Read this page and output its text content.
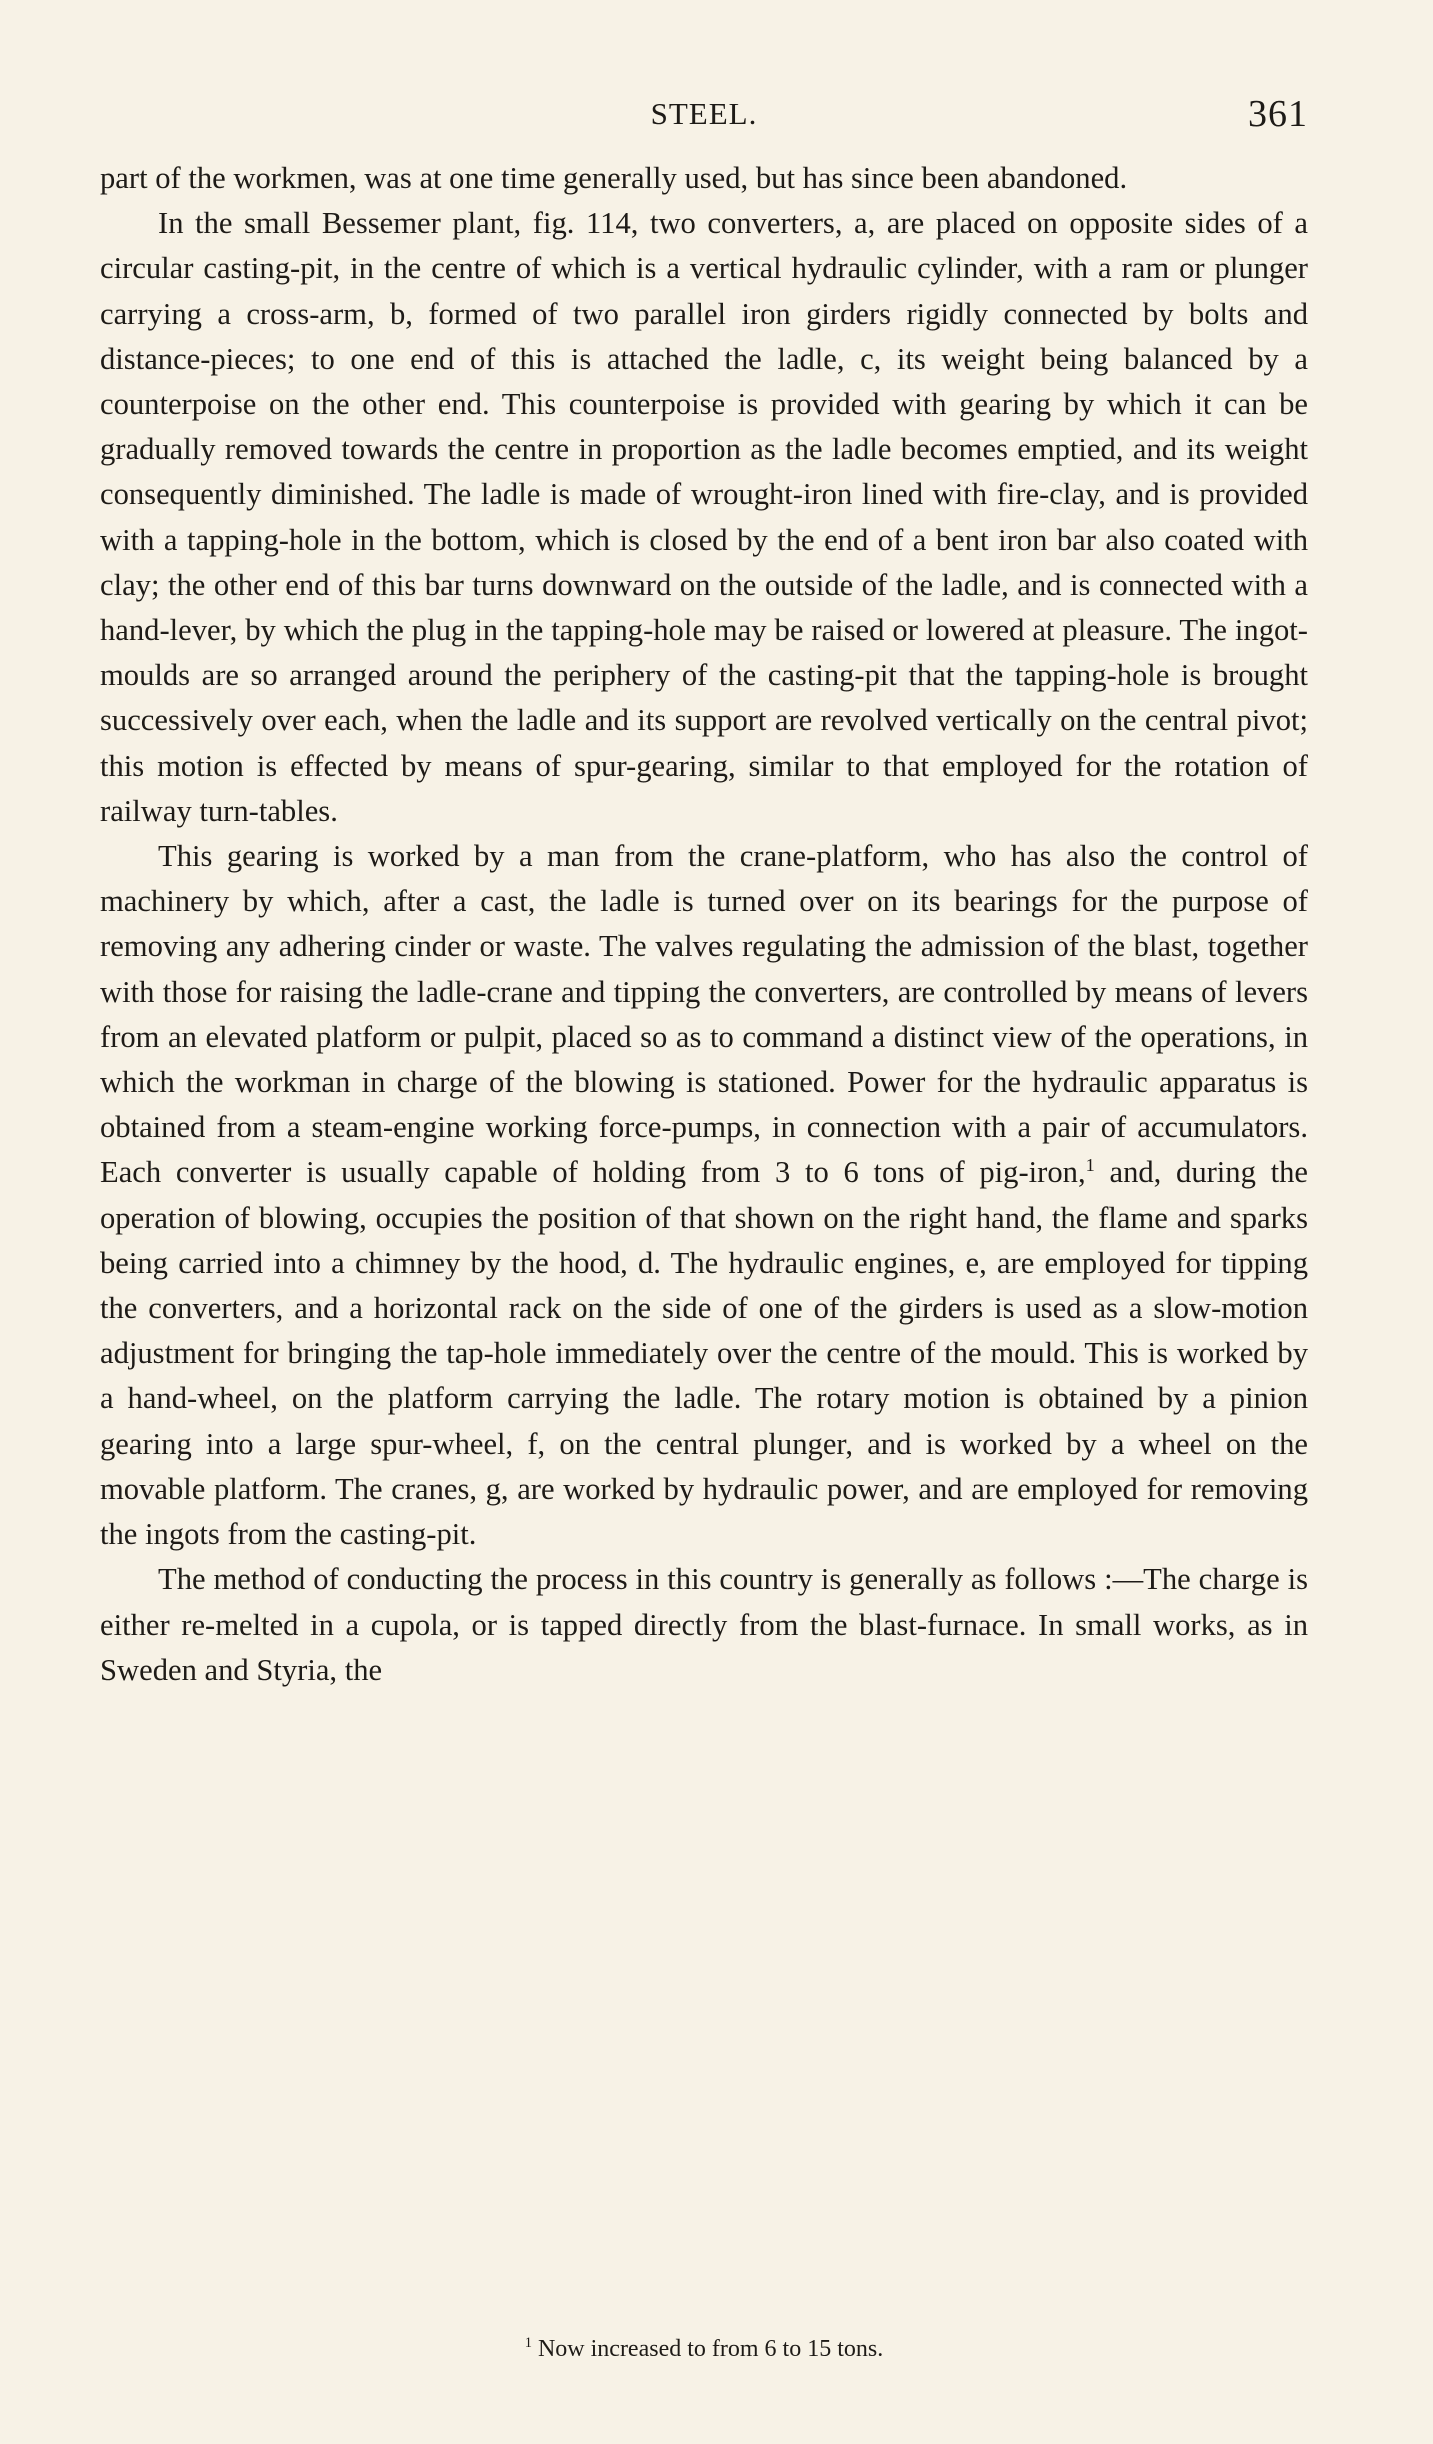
STEEL.	361

part of the workmen, was at one time generally used, but has since been abandoned.

In the small Bessemer plant, fig. 114, two converters, a, are placed on opposite sides of a circular casting-pit, in the centre of which is a vertical hydraulic cylinder, with a ram or plunger carrying a cross-arm, b, formed of two parallel iron girders rigidly connected by bolts and distance-pieces; to one end of this is attached the ladle, c, its weight being balanced by a counterpoise on the other end. This counterpoise is provided with gearing by which it can be gradually removed towards the centre in proportion as the ladle becomes emptied, and its weight consequently diminished. The ladle is made of wrought-iron lined with fire-clay, and is provided with a tapping-hole in the bottom, which is closed by the end of a bent iron bar also coated with clay; the other end of this bar turns downward on the outside of the ladle, and is connected with a hand-lever, by which the plug in the tapping-hole may be raised or lowered at pleasure. The ingot-moulds are so arranged around the periphery of the casting-pit that the tapping-hole is brought successively over each, when the ladle and its support are revolved vertically on the central pivot; this motion is effected by means of spur-gearing, similar to that employed for the rotation of railway turn-tables.

This gearing is worked by a man from the crane-platform, who has also the control of machinery by which, after a cast, the ladle is turned over on its bearings for the purpose of removing any adhering cinder or waste. The valves regulating the admission of the blast, together with those for raising the ladle-crane and tipping the converters, are controlled by means of levers from an elevated platform or pulpit, placed so as to command a distinct view of the operations, in which the workman in charge of the blowing is stationed. Power for the hydraulic apparatus is obtained from a steam-engine working force-pumps, in connection with a pair of accumulators. Each converter is usually capable of holding from 3 to 6 tons of pig-iron,$^1$ and, during the operation of blowing, occupies the position of that shown on the right hand, the flame and sparks being carried into a chimney by the hood, d. The hydraulic engines, e, are employed for tipping the converters, and a horizontal rack on the side of one of the girders is used as a slow-motion adjustment for bringing the tap-hole immediately over the centre of the mould. This is worked by a hand-wheel, on the platform carrying the ladle. The rotary motion is obtained by a pinion gearing into a large spur-wheel, f, on the central plunger, and is worked by a wheel on the movable platform. The cranes, g, are worked by hydraulic power, and are employed for removing the ingots from the casting-pit.

The method of conducting the process in this country is generally as follows :—The charge is either re-melted in a cupola, or is tapped directly from the blast-furnace. In small works, as in Sweden and Styria, the

$^1$ Now increased to from 6 to 15 tons.
